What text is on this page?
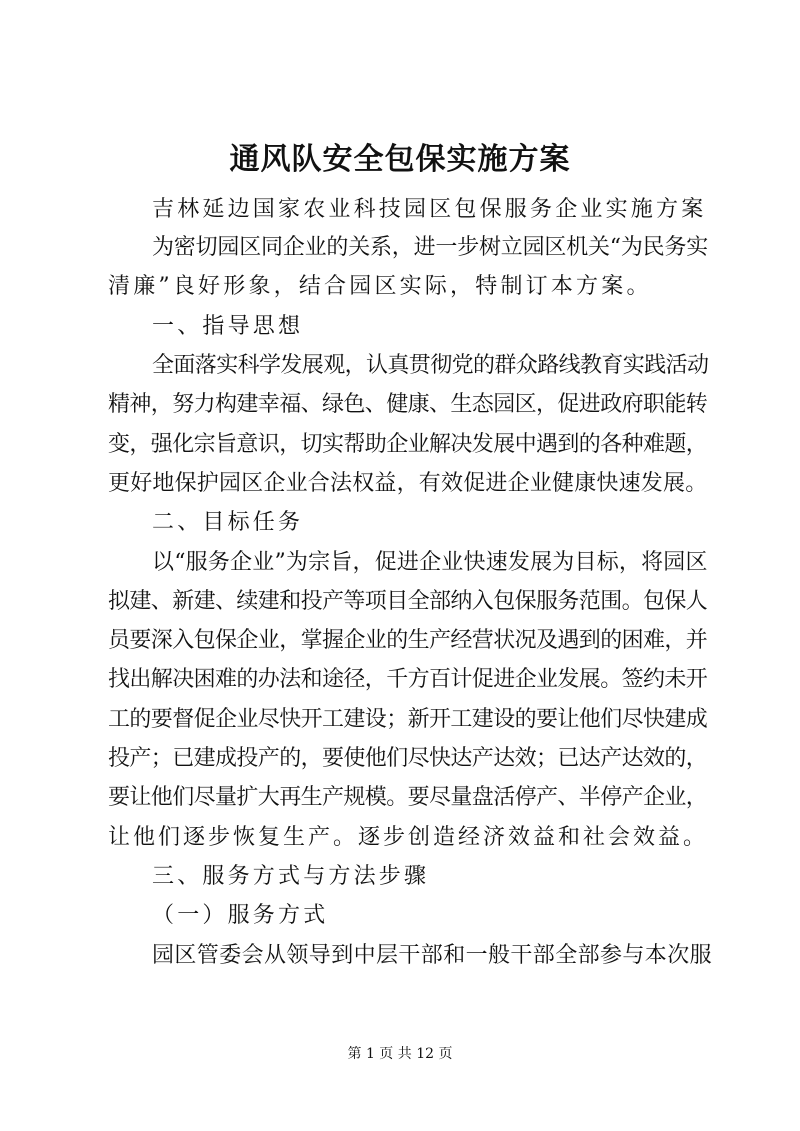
通风队安全包保实施方案
吉林延边国家农业科技园区包保服务企业实施方案
为密切园区同企业的关系，进一步树立园区机关“为民务实
清廉”良好形象，结合园区实际，特制订本方案。
一、指导思想
全面落实科学发展观，认真贯彻党的群众路线教育实践活动
精神，努力构建幸福、绿色、健康、生态园区，促进政府职能转
变，强化宗旨意识，切实帮助企业解决发展中遇到的各种难题，
更好地保护园区企业合法权益，有效促进企业健康快速发展。
二、目标任务
以“服务企业”为宗旨，促进企业快速发展为目标，将园区
拟建、新建、续建和投产等项目全部纳入包保服务范围。包保人
员要深入包保企业，掌握企业的生产经营状况及遇到的困难，并
找出解决困难的办法和途径，千方百计促进企业发展。签约未开
工的要督促企业尽快开工建设；新开工建设的要让他们尽快建成
投产；已建成投产的，要使他们尽快达产达效；已达产达效的，
要让他们尽量扩大再生产规模。要尽量盘活停产、半停产企业，
让他们逐步恢复生产。逐步创造经济效益和社会效益。
三、服务方式与方法步骤
（一）服务方式
园区管委会从领导到中层干部和一般干部全部参与本次服
第 1 页 共 12 页
